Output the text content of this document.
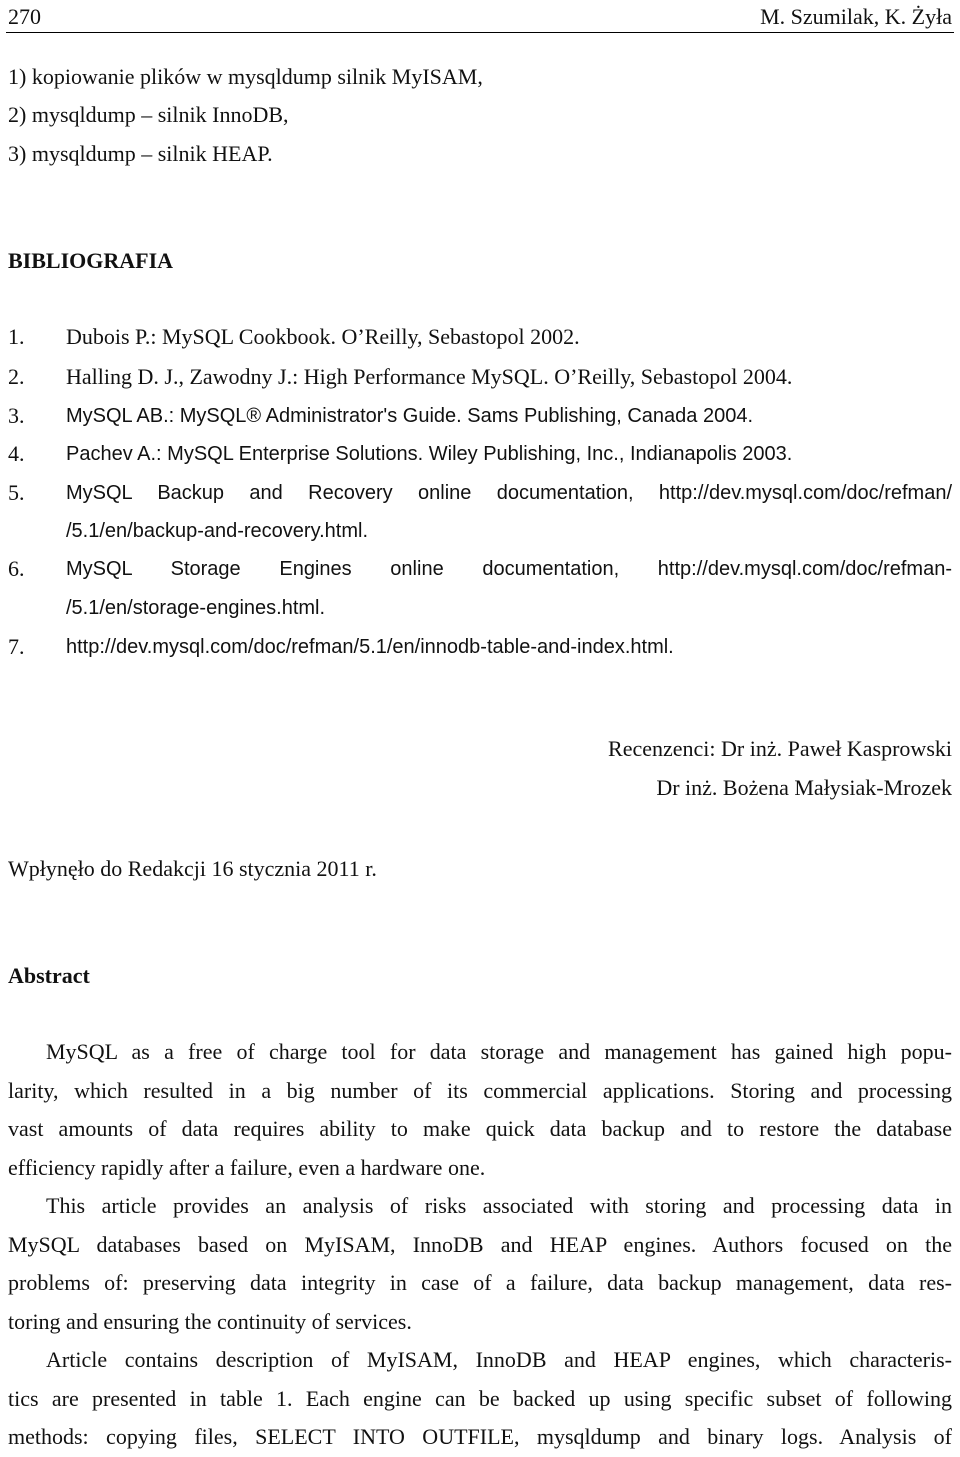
270	M. Szumilak, K. Żyła
1) kopiowanie plików w mysqldump silnik MyISAM,
2) mysqldump – silnik InnoDB,
3) mysqldump – silnik HEAP.
BIBLIOGRAFIA
1. Dubois P.: MySQL Cookbook. O’Reilly, Sebastopol 2002.
2. Halling D. J., Zawodny J.: High Performance MySQL. O’Reilly, Sebastopol 2004.
3. MySQL AB.: MySQL® Administrator's Guide. Sams Publishing, Canada 2004.
4. Pachev A.: MySQL Enterprise Solutions. Wiley Publishing, Inc., Indianapolis 2003.
5. MySQL Backup and Recovery online documentation, http://dev.mysql.com/doc/refman/
/5.1/en/backup-and-recovery.html.
6. MySQL Storage Engines online documentation, http://dev.mysql.com/doc/refman-
/5.1/en/storage-engines.html.
7. http://dev.mysql.com/doc/refman/5.1/en/innodb-table-and-index.html.
Recenzenci: Dr inż. Paweł Kasprowski
Dr inż. Bożena Małysiak-Mrozek
Wpłynęło do Redakcji 16 stycznia 2011 r.
Abstract
MySQL as a free of charge tool for data storage and management has gained high popu-
larity, which resulted in a big number of its commercial applications. Storing and processing
vast amounts of data requires ability to make quick data backup and to restore the database
efficiency rapidly after a failure, even a hardware one.
This article provides an analysis of risks associated with storing and processing data in
MySQL databases based on MyISAM, InnoDB and HEAP engines. Authors focused on the
problems of: preserving data integrity in case of a failure, data backup management, data res-
toring and ensuring the continuity of services.
Article contains description of MyISAM, InnoDB and HEAP engines, which characteris-
tics are presented in table 1. Each engine can be backed up using specific subset of following
methods: copying files, SELECT INTO OUTFILE, mysqldump and binary logs. Analysis of
